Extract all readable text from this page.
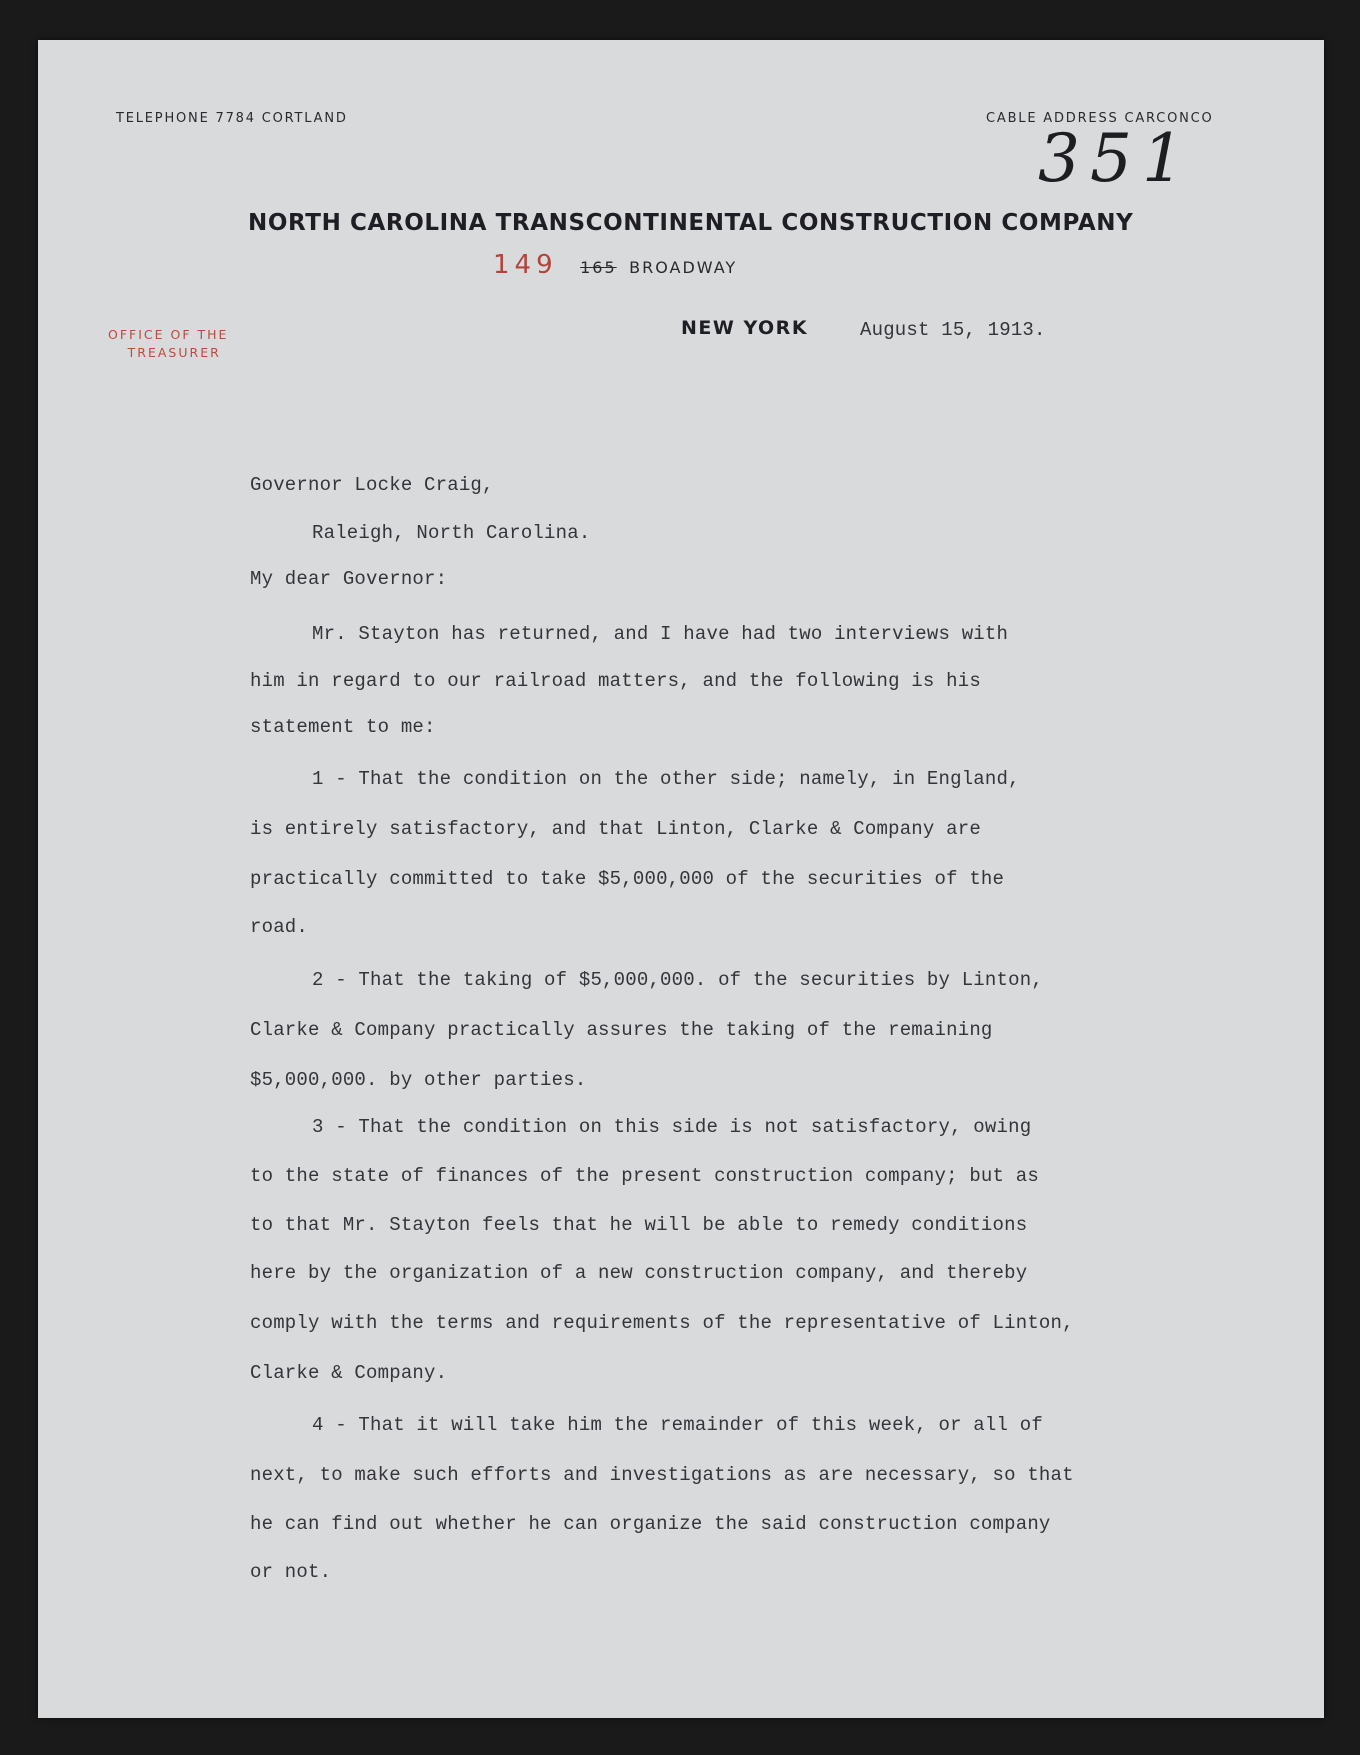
TELEPHONE 7784 CORTLAND	CABLE ADDRESS CARCONCO
351
NORTH CAROLINA TRANSCONTINENTAL CONSTRUCTION COMPANY
149 165 BROADWAY
OFFICE OF THE
TREASURER
NEW YORK	August 15, 1913.
Governor Locke Craig,
Raleigh, North Carolina.
My dear Governor:
Mr. Stayton has returned, and I have had two interviews with
him in regard to our railroad matters, and the following is his
statement to me:
1 - That the condition on the other side; namely, in England,
is entirely satisfactory, and that Linton, Clarke & Company are
practically committed to take $5,000,000 of the securities of the
road.
2 - That the taking of $5,000,000. of the securities by Linton,
Clarke & Company practically assures the taking of the remaining
$5,000,000. by other parties.
3 - That the condition on this side is not satisfactory, owing
to the state of finances of the present construction company; but as
to that Mr. Stayton feels that he will be able to remedy conditions
here by the organization of a new construction company, and thereby
comply with the terms and requirements of the representative of Linton,
Clarke & Company.
4 - That it will take him the remainder of this week, or all of
next, to make such efforts and investigations as are necessary, so that
he can find out whether he can organize the said construction company
or not.
